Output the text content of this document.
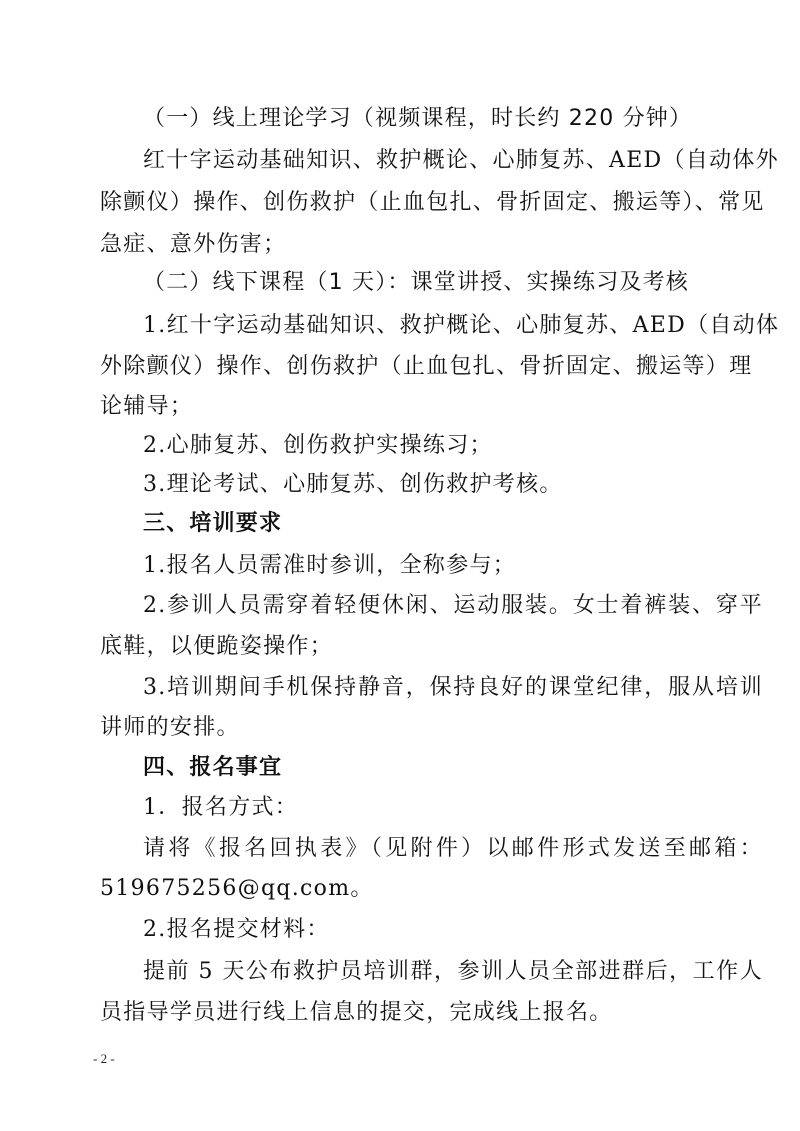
（一）线上理论学习（视频课程，时长约 220 分钟）
红十字运动基础知识、救护概论、心肺复苏、AED（自动体外
除颤仪）操作、创伤救护（止血包扎、骨折固定、搬运等）、常见
急症、意外伤害；
（二）线下课程（1 天）：课堂讲授、实操练习及考核
1.红十字运动基础知识、救护概论、心肺复苏、AED（自动体
外除颤仪）操作、创伤救护（止血包扎、骨折固定、搬运等）理
论辅导；
2.心肺复苏、创伤救护实操练习；
3.理论考试、心肺复苏、创伤救护考核。
三、培训要求
1.报名人员需准时参训，全称参与；
2.参训人员需穿着轻便休闲、运动服装。女士着裤装、穿平
底鞋，以便跪姿操作；
3.培训期间手机保持静音，保持良好的课堂纪律，服从培训
讲师的安排。
四、报名事宜
1．报名方式：
请将《报名回执表》（见附件）以邮件形式发送至邮箱：
519675256@qq.com。
2.报名提交材料：
提前 5 天公布救护员培训群，参训人员全部进群后，工作人
员指导学员进行线上信息的提交，完成线上报名。
- 2 -
